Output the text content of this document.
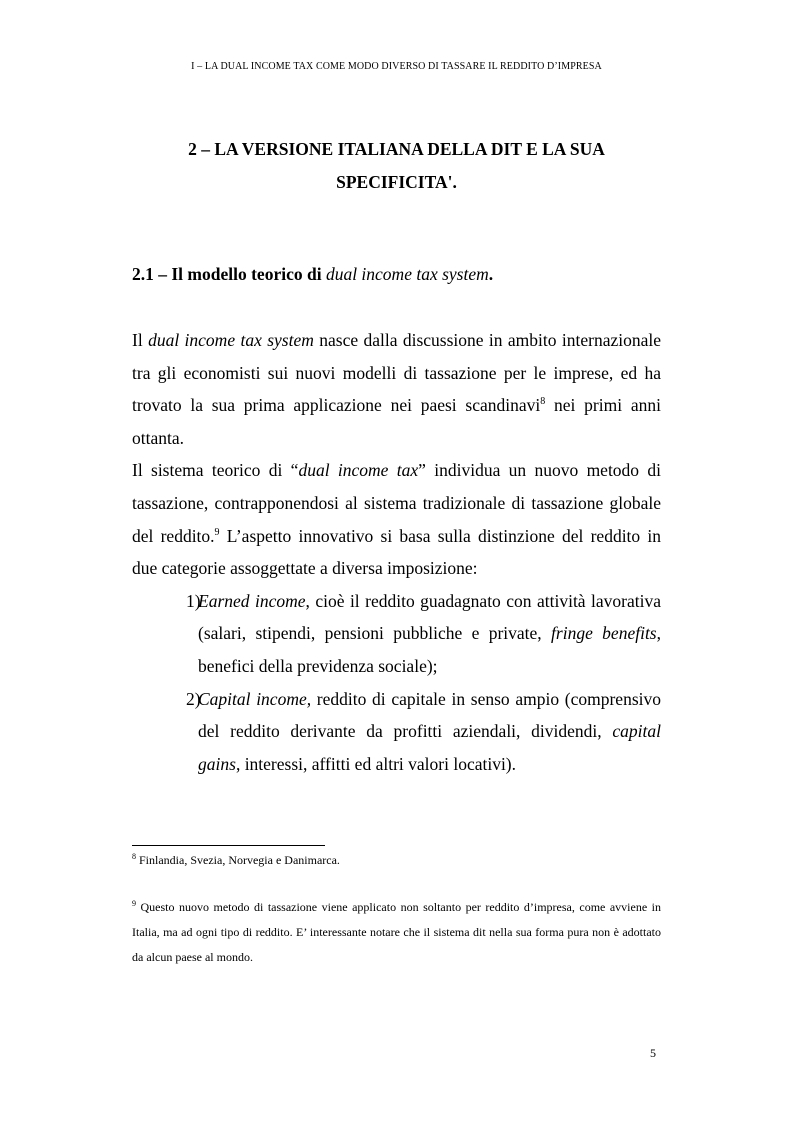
I – LA DUAL INCOME TAX COME MODO DIVERSO DI TASSARE IL REDDITO D’IMPRESA
2 – LA VERSIONE ITALIANA DELLA DIT E LA SUA SPECIFICITA'.
2.1 – Il modello teorico di dual income tax system.

Il dual income tax system nasce dalla discussione in ambito internazionale tra gli economisti sui nuovi modelli di tassazione per le imprese, ed ha trovato la sua prima applicazione nei paesi scandinavi$^8$ nei primi anni ottanta.

Il sistema teorico di “dual income tax” individua un nuovo metodo di tassazione, contrapponendosi al sistema tradizionale di tassazione globale del reddito.$^9$ L’aspetto innovativo si basa sulla distinzione del reddito in due categorie assoggettate a diversa imposizione:

1)
Earned income, cioè il reddito guadagnato con attività lavorativa (salari, stipendi, pensioni pubbliche e private, fringe benefits, benefici della previdenza sociale);
2)
Capital income, reddito di capitale in senso ampio (comprensivo del reddito derivante da profitti aziendali, dividendi, capital gains, interessi, affitti ed altri valori locativi).
$^8$ Finlandia, Svezia, Norvegia e Danimarca.
$^9$ Questo nuovo metodo di tassazione viene applicato non soltanto per reddito d’impresa, come avviene in Italia, ma ad ogni tipo di reddito. E’ interessante notare che il sistema dit nella sua forma pura non è adottato da alcun paese al mondo.
5
